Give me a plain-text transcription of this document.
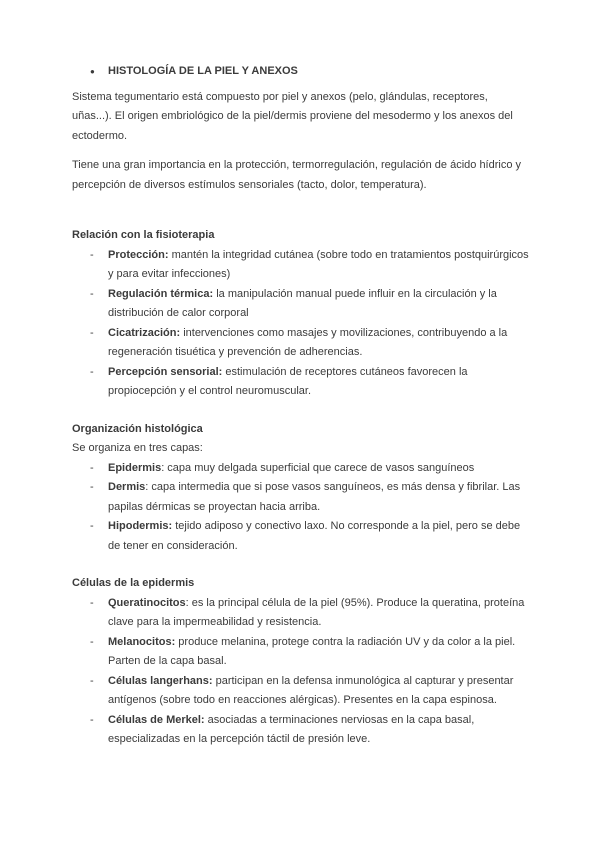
●	HISTOLOGÍA DE LA PIEL Y ANEXOS

Sistema tegumentario está compuesto por piel y anexos (pelo, glándulas, receptores, uñas...). El origen embriológico de la piel/dermis proviene del mesodermo y los anexos del ectodermo.

Tiene una gran importancia en la protección, termorregulación, regulación de ácido hídrico y percepción de diversos estímulos sensoriales (tacto, dolor, temperatura).

Relación con la fisioterapia
-	Protección: mantén la integridad cutánea (sobre todo en tratamientos postquirúrgicos y para evitar infecciones)
-	Regulación térmica: la manipulación manual puede influir en la circulación y la distribución de calor corporal
-	Cicatrización: intervenciones como masajes y movilizaciones, contribuyendo a la regeneración tisuética y prevención de adherencias.
-	Percepción sensorial: estimulación de receptores cutáneos favorecen la propiocepción y el control neuromuscular.
Organización histológica

Se organiza en tres capas:

-	Epidermis: capa muy delgada superficial que carece de vasos sanguíneos
-	Dermis: capa intermedia que si pose vasos sanguíneos, es más densa y fibrilar. Las papilas dérmicas se proyectan hacia arriba.
-	Hipodermis: tejido adiposo y conectivo laxo. No corresponde a la piel, pero se debe de tener en consideración.
Células de la epidermis
-	Queratinocitos: es la principal célula de la piel (95%). Produce la queratina, proteína clave para la impermeabilidad y resistencia.
-	Melanocitos: produce melanina, protege contra la radiación UV y da color a la piel. Parten de la capa basal.
-	Células langerhans: participan en la defensa inmunológica al capturar y presentar antígenos (sobre todo en reacciones alérgicas). Presentes en la capa espinosa.
-	Células de Merkel: asociadas a terminaciones nerviosas en la capa basal, especializadas en la percepción táctil de presión leve.
